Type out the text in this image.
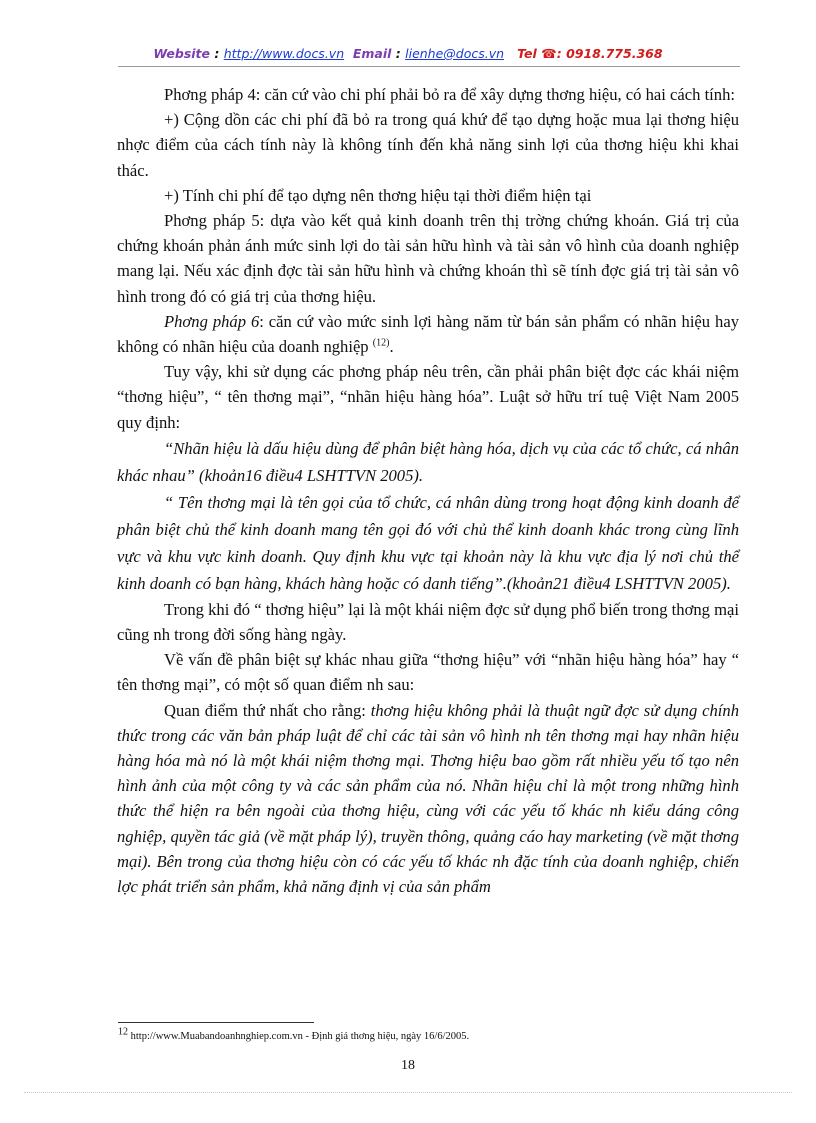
Website : http://www.docs.vn Email : lienhe@docs.vn Tel ☎: 0918.775.368

Phơng pháp 4: căn cứ vào chi phí phải bỏ ra để xây dựng thơng hiệu, có hai cách tính:

+) Cộng dồn các chi phí đã bỏ ra trong quá khứ để tạo dựng hoặc mua lại thơng hiệu nhợc điểm của cách tính này là không tính đến khả năng sinh lợi của thơng hiệu khi khai thác.

+) Tính chi phí để tạo dựng nên thơng hiệu tại thời điểm hiện tại

Phơng pháp 5: dựa vào kết quả kinh doanh trên thị trờng chứng khoán. Giá trị của chứng khoán phản ánh mức sinh lợi do tài sản hữu hình và tài sản vô hình của doanh nghiệp mang lại. Nếu xác định đợc tài sản hữu hình và chứng khoán thì sẽ tính đợc giá trị tài sản vô hình trong đó có giá trị của thơng hiệu.

Phơng pháp 6: căn cứ vào mức sinh lợi hàng năm từ bán sản phẩm có nhãn hiệu hay không có nhãn hiệu của doanh nghiệp $^{(12)}$.

Tuy vậy, khi sử dụng các phơng pháp nêu trên, cần phải phân biệt đợc các khái niệm “thơng hiệu”, “ tên thơng mại”, “nhãn hiệu hàng hóa”. Luật sở hữu trí tuệ Việt Nam 2005 quy định:

“Nhãn hiệu là dấu hiệu dùng để phân biệt hàng hóa, dịch vụ của các tổ chức, cá nhân khác nhau” (khoản16 điều4 LSHTTVN 2005).

“ Tên thơng mại là tên gọi của tổ chức, cá nhân dùng trong hoạt động kinh doanh để phân biệt chủ thể kinh doanh mang tên gọi đó với chủ thể kinh doanh khác trong cùng lĩnh vực và khu vực kinh doanh. Quy định khu vực tại khoản này là khu vực địa lý nơi chủ thể kinh doanh có bạn hàng, khách hàng hoặc có danh tiếng”.(khoản21 điều4 LSHTTVN 2005).

Trong khi đó “ thơng hiệu” lại là một khái niệm đợc sử dụng phổ biến trong thơng mại cũng nh trong đời sống hàng ngày.

Về vấn đề phân biệt sự khác nhau giữa “thơng hiệu” với “nhãn hiệu hàng hóa” hay “ tên thơng mại”, có một số quan điểm nh sau:

Quan điểm thứ nhất cho rằng: thơng hiệu không phải là thuật ngữ đợc sử dụng chính thức trong các văn bản pháp luật để chỉ các tài sản vô hình nh tên thơng mại hay nhãn hiệu hàng hóa mà nó là một khái niệm thơng mại. Thơng hiệu bao gồm rất nhiều yếu tố tạo nên hình ảnh của một công ty và các sản phẩm của nó. Nhãn hiệu chỉ là một trong những hình thức thể hiện ra bên ngoài của thơng hiệu, cùng với các yếu tố khác nh kiểu dáng công nghiệp, quyền tác giả (về mặt pháp lý), truyền thông, quảng cáo hay marketing (về mặt thơng mại). Bên trong của thơng hiệu còn có các yếu tố khác nh đặc tính của doanh nghiệp, chiến lợc phát triển sản phẩm, khả năng định vị của sản phẩm

12 http://www.Muabandoanhnghiep.com.vn - Định giá thơng hiệu, ngày 16/6/2005.
18
